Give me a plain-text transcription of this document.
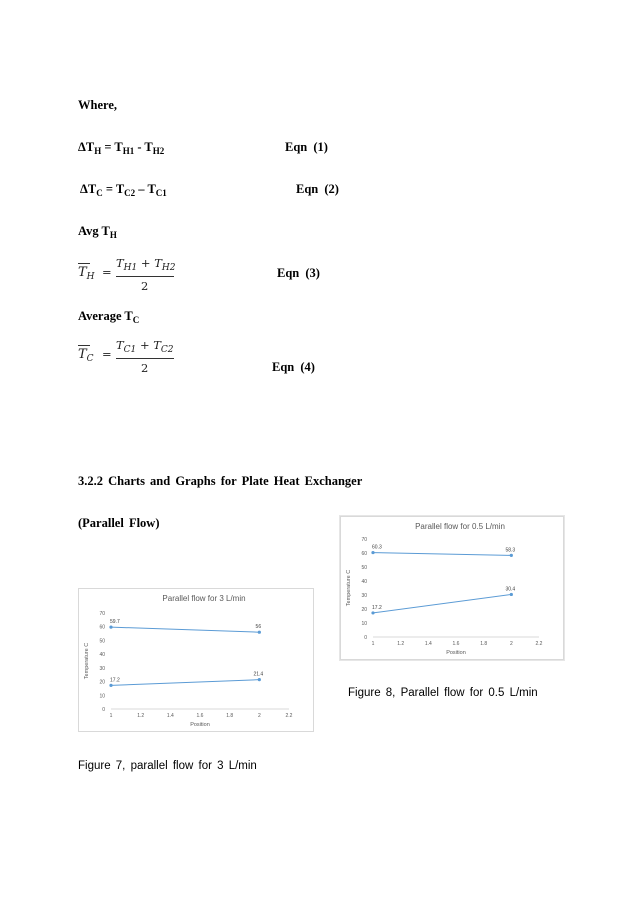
Where,
$\Delta T_H = T_{H1} - T_{H2}$	Eqn (1)
$\Delta T_C = T_{C2} - T_{C1}$	Eqn (2)
Avg $T_H$
$T_H$ =
$T_{H1} + T_{H2}$
2
Eqn (3)
Average $T_C$
$T_C$ =
$T_{C1} + T_{C2}$
2	Eqn (4)
3.2.2 Charts and Graphs for Plate Heat Exchanger
(Parallel Flow)	Parallel flow for 0.5 L/min
0
10
20
30
40
50
60
70
1	1.2	1.4	1.6	1.8	2	2.2
Position
Temperature C
60.3	58.3
17.2
30.4
Parallel flow for 3 L/min
0
10
20
30
40
50
60
70
1	1.2	1.4	1.6	1.8	2	2.2
Position
Temperature C
59.7
56
17.2
21.4
Figure 8, Parallel flow for 0.5 L/min
Figure 7, parallel flow for 3 L/min
